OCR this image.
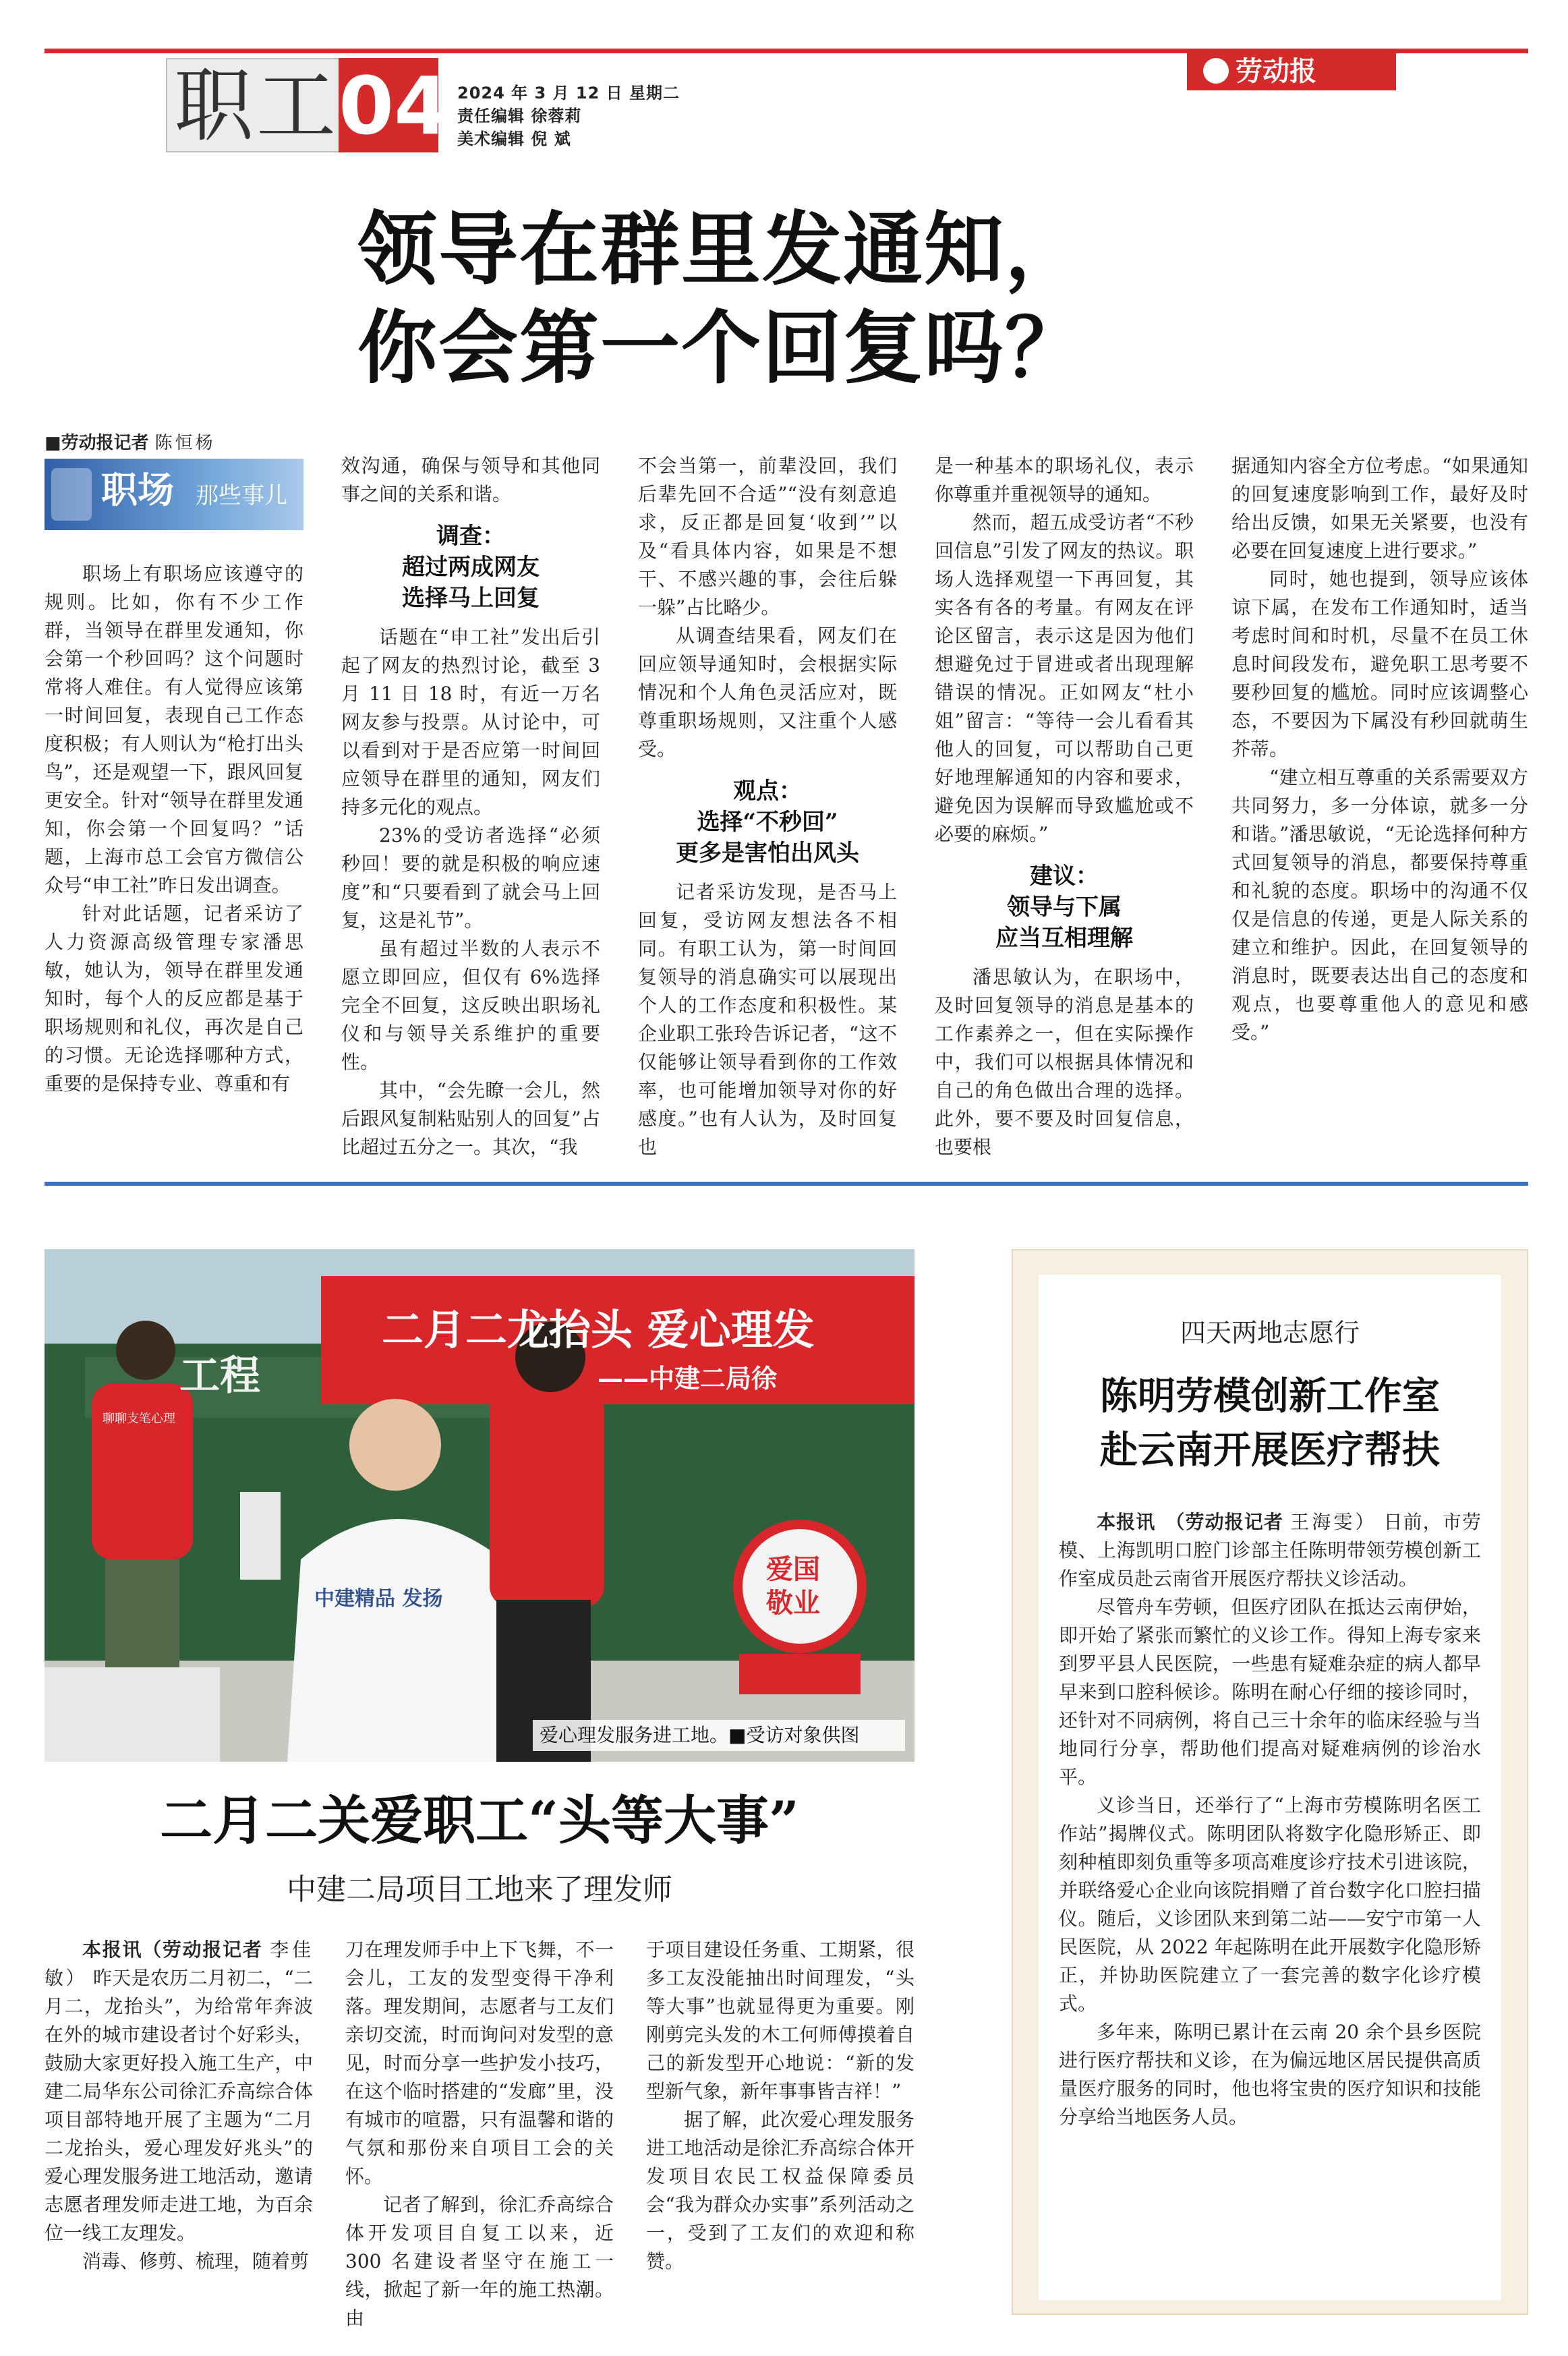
职工 04 2024 年 3 月 12 日 星期二
责任编辑 徐蓉莉
美术编辑 倪 斌
劳动报
领导在群里发通知，
你会第一个回复吗？
■劳动报记者 陈恒杨
职场 那些事儿

职场上有职场应该遵守的规则。比如，你有不少工作群，当领导在群里发通知，你会第一个秒回吗？这个问题时常将人难住。有人觉得应该第一时间回复，表现自己工作态度积极；有人则认为“枪打出头鸟”，还是观望一下，跟风回复更安全。针对“领导在群里发通知，你会第一个回复吗？”话题，上海市总工会官方微信公众号“申工社”昨日发出调查。

针对此话题，记者采访了人力资源高级管理专家潘思敏，她认为，领导在群里发通知时，每个人的反应都是基于职场规则和礼仪，再次是自己的习惯。无论选择哪种方式，重要的是保持专业、尊重和有

效沟通，确保与领导和其他同事之间的关系和谐。

调查：
超过两成网友
选择马上回复

话题在“申工社”发出后引起了网友的热烈讨论，截至 3 月 11 日 18 时，有近一万名网友参与投票。从讨论中，可以看到对于是否应第一时间回应领导在群里的通知，网友们持多元化的观点。

23%的受访者选择“必须秒回！要的就是积极的响应速度”和“只要看到了就会马上回复，这是礼节”。

虽有超过半数的人表示不愿立即回应，但仅有 6%选择完全不回复，这反映出职场礼仪和与领导关系维护的重要性。

其中，“会先瞭一会儿，然后跟风复制粘贴别人的回复”占比超过五分之一。其次，“我

不会当第一，前辈没回，我们后辈先回不合适”“没有刻意追求，反正都是回复‘收到’”以及“看具体内容，如果是不想干、不感兴趣的事，会往后躲一躲”占比略少。

从调查结果看，网友们在回应领导通知时，会根据实际情况和个人角色灵活应对，既尊重职场规则，又注重个人感受。

观点：
选择“不秒回”
更多是害怕出风头

记者采访发现，是否马上回复，受访网友想法各不相同。有职工认为，第一时间回复领导的消息确实可以展现出个人的工作态度和积极性。某企业职工张玲告诉记者，“这不仅能够让领导看到你的工作效率，也可能增加领导对你的好感度。”也有人认为，及时回复也

是一种基本的职场礼仪，表示你尊重并重视领导的通知。

然而，超五成受访者“不秒回信息”引发了网友的热议。职场人选择观望一下再回复，其实各有各的考量。有网友在评论区留言，表示这是因为他们想避免过于冒进或者出现理解错误的情况。正如网友“杜小姐”留言：“等待一会儿看看其他人的回复，可以帮助自己更好地理解通知的内容和要求，避免因为误解而导致尴尬或不必要的麻烦。”

建议：
领导与下属
应当互相理解

潘思敏认为，在职场中，及时回复领导的消息是基本的工作素养之一，但在实际操作中，我们可以根据具体情况和自己的角色做出合理的选择。此外，要不要及时回复信息，也要根

据通知内容全方位考虑。“如果通知的回复速度影响到工作，最好及时给出反馈，如果无关紧要，也没有必要在回复速度上进行要求。”

同时，她也提到，领导应该体谅下属，在发布工作通知时，适当考虑时间和时机，尽量不在员工休息时间段发布，避免职工思考要不要秒回复的尴尬。同时应该调整心态，不要因为下属没有秒回就萌生芥蒂。

“建立相互尊重的关系需要双方共同努力，多一分体谅，就多一分和谐。”潘思敏说，“无论选择何种方式回复领导的消息，都要保持尊重和礼貌的态度。职场中的沟通不仅仅是信息的传递，更是人际关系的建立和维护。因此，在回复领导的消息时，既要表达出自己的态度和观点，也要尊重他人的意见和感受。”

二月二龙抬头 爱心理发
——中建二局徐
工程
聊聊支笔心理
中建精品 发扬
爱国
敬业
爱心理发服务进工地。■受访对象供图
二月二关爱职工“头等大事”
中建二局项目工地来了理发师

本报讯（劳动报记者 李佳敏） 昨天是农历二月初二，“二月二，龙抬头”，为给常年奔波在外的城市建设者讨个好彩头，鼓励大家更好投入施工生产，中建二局华东公司徐汇乔高综合体项目部特地开展了主题为“二月二龙抬头，爱心理发好兆头”的爱心理发服务进工地活动，邀请志愿者理发师走进工地，为百余位一线工友理发。

消毒、修剪、梳理，随着剪

刀在理发师手中上下飞舞，不一会儿，工友的发型变得干净利落。理发期间，志愿者与工友们亲切交流，时而询问对发型的意见，时而分享一些护发小技巧，在这个临时搭建的“发廊”里，没有城市的喧嚣，只有温馨和谐的气氛和那份来自项目工会的关怀。

记者了解到，徐汇乔高综合体开发项目自复工以来，近 300 名建设者坚守在施工一线，掀起了新一年的施工热潮。由

于项目建设任务重、工期紧，很多工友没能抽出时间理发，“头等大事”也就显得更为重要。刚刚剪完头发的木工何师傅摸着自己的新发型开心地说：“新的发型新气象，新年事事皆吉祥！”

据了解，此次爱心理发服务进工地活动是徐汇乔高综合体开发项目农民工权益保障委员会“我为群众办实事”系列活动之一，受到了工友们的欢迎和称赞。

四天两地志愿行
陈明劳模创新工作室
赴云南开展医疗帮扶

本报讯　（劳动报记者 王海雯） 日前，市劳模、上海凯明口腔门诊部主任陈明带领劳模创新工作室成员赴云南省开展医疗帮扶义诊活动。

尽管舟车劳顿，但医疗团队在抵达云南伊始，即开始了紧张而繁忙的义诊工作。得知上海专家来到罗平县人民医院，一些患有疑难杂症的病人都早早来到口腔科候诊。陈明在耐心仔细的接诊同时，还针对不同病例，将自己三十余年的临床经验与当地同行分享，帮助他们提高对疑难病例的诊治水平。

义诊当日，还举行了“上海市劳模陈明名医工作站”揭牌仪式。陈明团队将数字化隐形矫正、即刻种植即刻负重等多项高难度诊疗技术引进该院，并联络爱心企业向该院捐赠了首台数字化口腔扫描仪。随后，义诊团队来到第二站——安宁市第一人民医院，从 2022 年起陈明在此开展数字化隐形矫正，并协助医院建立了一套完善的数字化诊疗模式。

多年来，陈明已累计在云南 20 余个县乡医院进行医疗帮扶和义诊，在为偏远地区居民提供高质量医疗服务的同时，他也将宝贵的医疗知识和技能分享给当地医务人员。
